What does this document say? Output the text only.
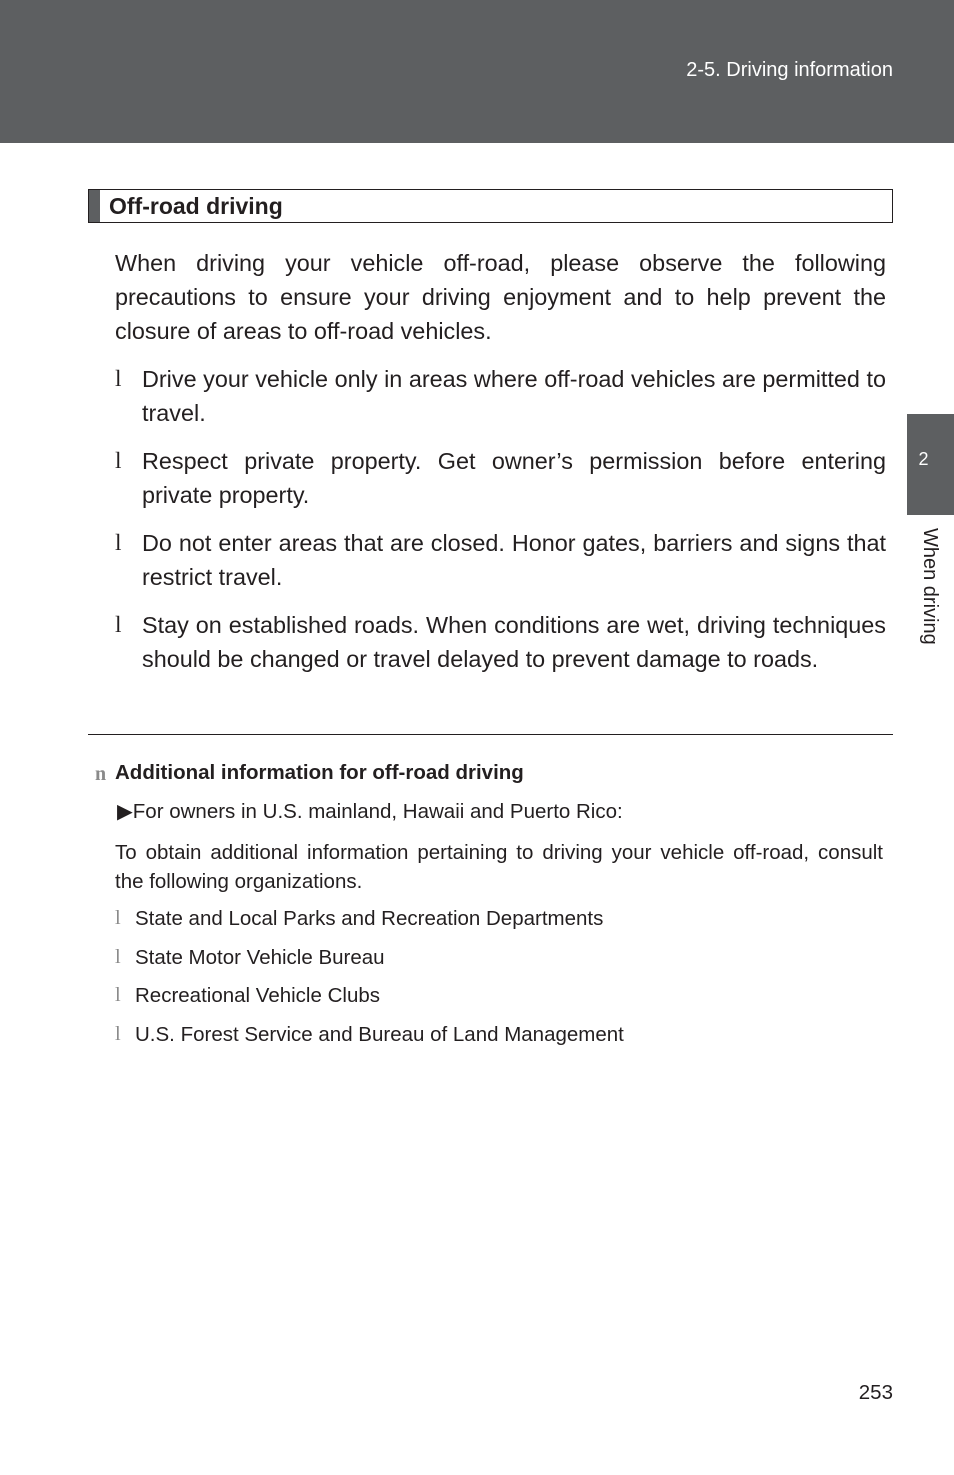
2-5. Driving information
2
When driving
Off-road driving

When driving your vehicle off-road, please observe the following precautions to ensure your driving enjoyment and to help prevent the closure of areas to off-road vehicles.

l Drive your vehicle only in areas where off-road vehicles are permitted to travel.
l Respect private property. Get owner’s permission before entering private property.
l Do not enter areas that are closed. Honor gates, barriers and signs that restrict travel.
l Stay on established roads. When conditions are wet, driving techniques should be changed or travel delayed to prevent damage to roads.
n Additional information for off-road driving
▶For owners in U.S. mainland, Hawaii and Puerto Rico:
To obtain additional information pertaining to driving your vehicle off-road, consult the following organizations.
l State and Local Parks and Recreation Departments
l State Motor Vehicle Bureau
l Recreational Vehicle Clubs
l U.S. Forest Service and Bureau of Land Management
253
